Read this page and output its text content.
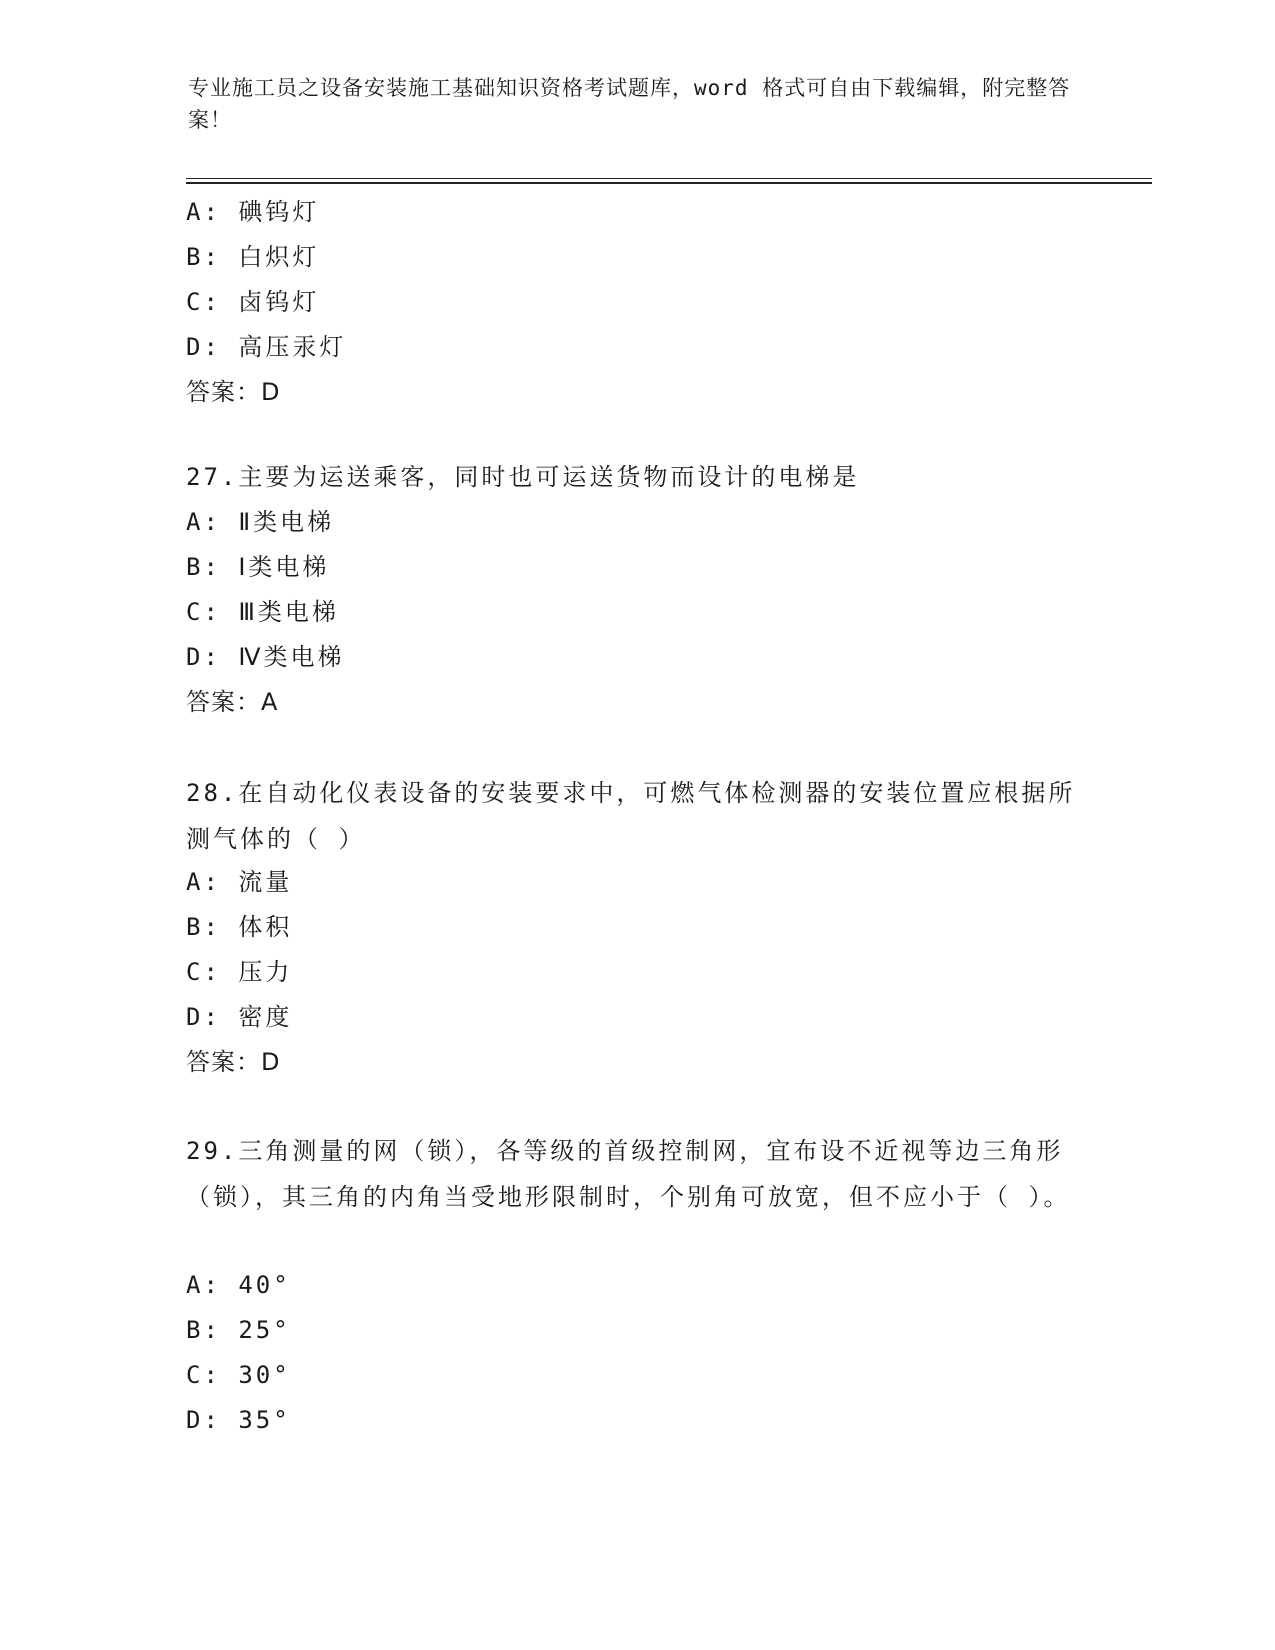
专业施工员之设备安装施工基础知识资格考试题库，word 格式可自由下载编辑，附完整答案！
A: 碘钨灯
B: 白炽灯
C: 卤钨灯
D: 高压汞灯
答案：D
27.主要为运送乘客，同时也可运送货物而设计的电梯是
A: Ⅱ类电梯
B: Ⅰ类电梯
C: Ⅲ类电梯
D: Ⅳ类电梯
答案：A
28.在自动化仪表设备的安装要求中，可燃气体检测器的安装位置应根据所测气体的（ ）
A: 流量
B: 体积
C: 压力
D: 密度
答案：D
29.三角测量的网（锁），各等级的首级控制网，宜布设不近视等边三角形（锁），其三角的内角当受地形限制时，个别角可放宽，但不应小于（ ）。
A: 40°
B: 25°
C: 30°
D: 35°
